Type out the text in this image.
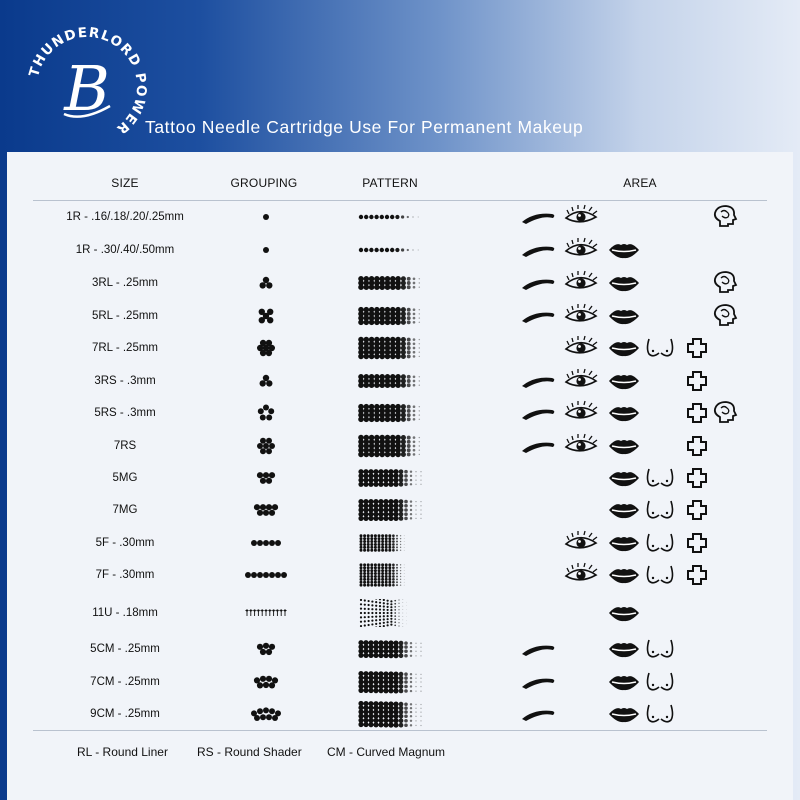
THUNDERLORD POWER
B
Tattoo Needle Cartridge Use For Permanent Makeup
SIZE	GROUPING	PATTERN	AREA
1R - .16/.18/.20/.25mm
1R - .30/.40/.50mm
3RL - .25mm
5RL - .25mm
7RL - .25mm
3RS - .3mm
5RS - .3mm
7RS
5MG
7MG
5F - .30mm
7F - .30mm
11U - .18mm
5CM - .25mm
7CM - .25mm
9CM - .25mm
RL - Round Liner RS - Round Shader CM - Curved Magnum
